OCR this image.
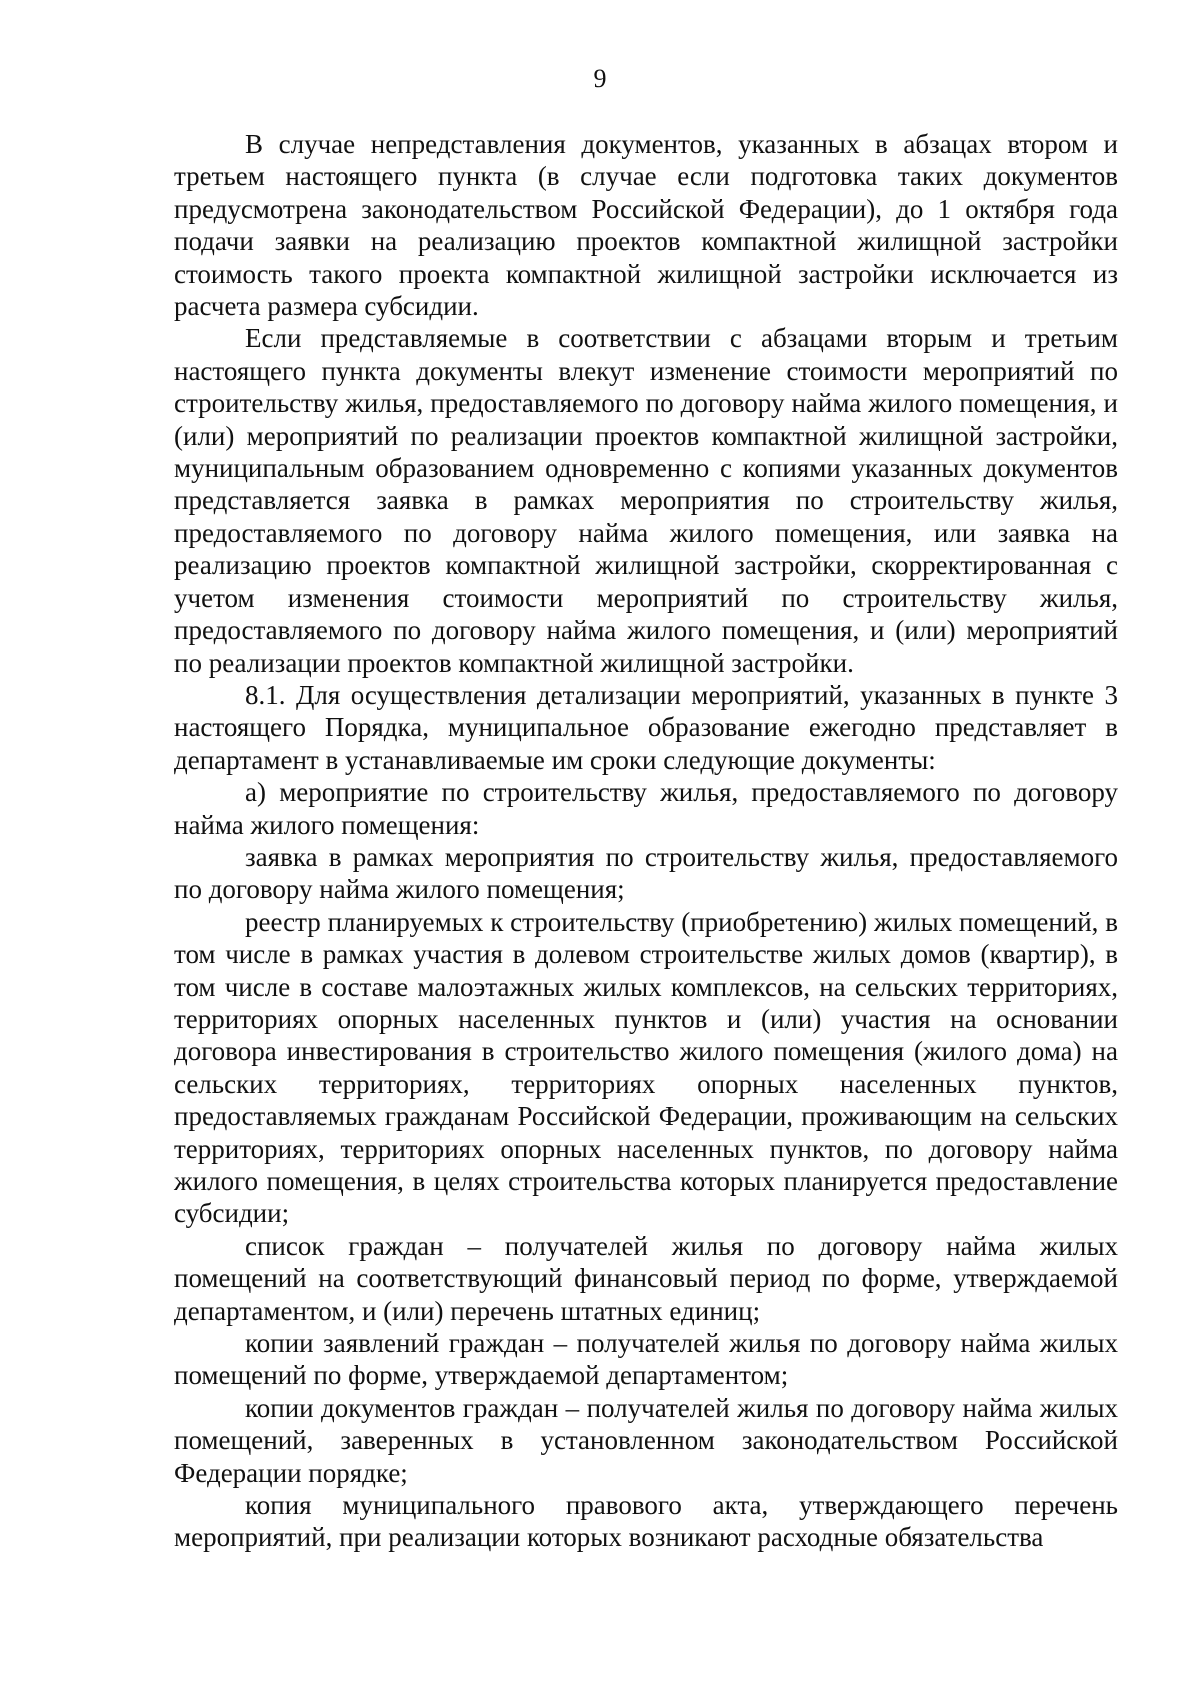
9

В случае непредставления документов, указанных в абзацах втором и третьем настоящего пункта (в случае если подготовка таких документов предусмотрена законодательством Российской Федерации), до 1 октября года подачи заявки на реализацию проектов компактной жилищной застройки стоимость такого проекта компактной жилищной застройки исключается из расчета размера субсидии.

Если представляемые в соответствии с абзацами вторым и третьим настоящего пункта документы влекут изменение стоимости мероприятий по строительству жилья, предоставляемого по договору найма жилого помещения, и (или) мероприятий по реализации проектов компактной жилищной застройки, муниципальным образованием одновременно с копиями указанных документов представляется заявка в рамках мероприятия по строительству жилья, предоставляемого по договору найма жилого помещения, или заявка на реализацию проектов компактной жилищной застройки, скорректированная с учетом изменения стоимости мероприятий по строительству жилья, предоставляемого по договору найма жилого помещения, и (или) мероприятий по реализации проектов компактной жилищной застройки.

8.1. Для осуществления детализации мероприятий, указанных в пункте 3 настоящего Порядка, муниципальное образование ежегодно представляет в департамент в устанавливаемые им сроки следующие документы:

а) мероприятие по строительству жилья, предоставляемого по договору найма жилого помещения:

заявка в рамках мероприятия по строительству жилья, предоставляемого по договору найма жилого помещения;

реестр планируемых к строительству (приобретению) жилых помещений, в том числе в рамках участия в долевом строительстве жилых домов (квартир), в том числе в составе малоэтажных жилых комплексов, на сельских территориях, территориях опорных населенных пунктов и (или) участия на основании договора инвестирования в строительство жилого помещения (жилого дома) на сельских территориях, территориях опорных населенных пунктов, предоставляемых гражданам Российской Федерации, проживающим на сельских территориях, территориях опорных населенных пунктов, по договору найма жилого помещения, в целях строительства которых планируется предоставление субсидии;

список граждан – получателей жилья по договору найма жилых помещений на соответствующий финансовый период по форме, утверждаемой департаментом, и (или) перечень штатных единиц;

копии заявлений граждан – получателей жилья по договору найма жилых помещений по форме, утверждаемой департаментом;

копии документов граждан – получателей жилья по договору найма жилых помещений, заверенных в установленном законодательством Российской Федерации порядке;

копия муниципального правового акта, утверждающего перечень мероприятий, при реализации которых возникают расходные обязательства
